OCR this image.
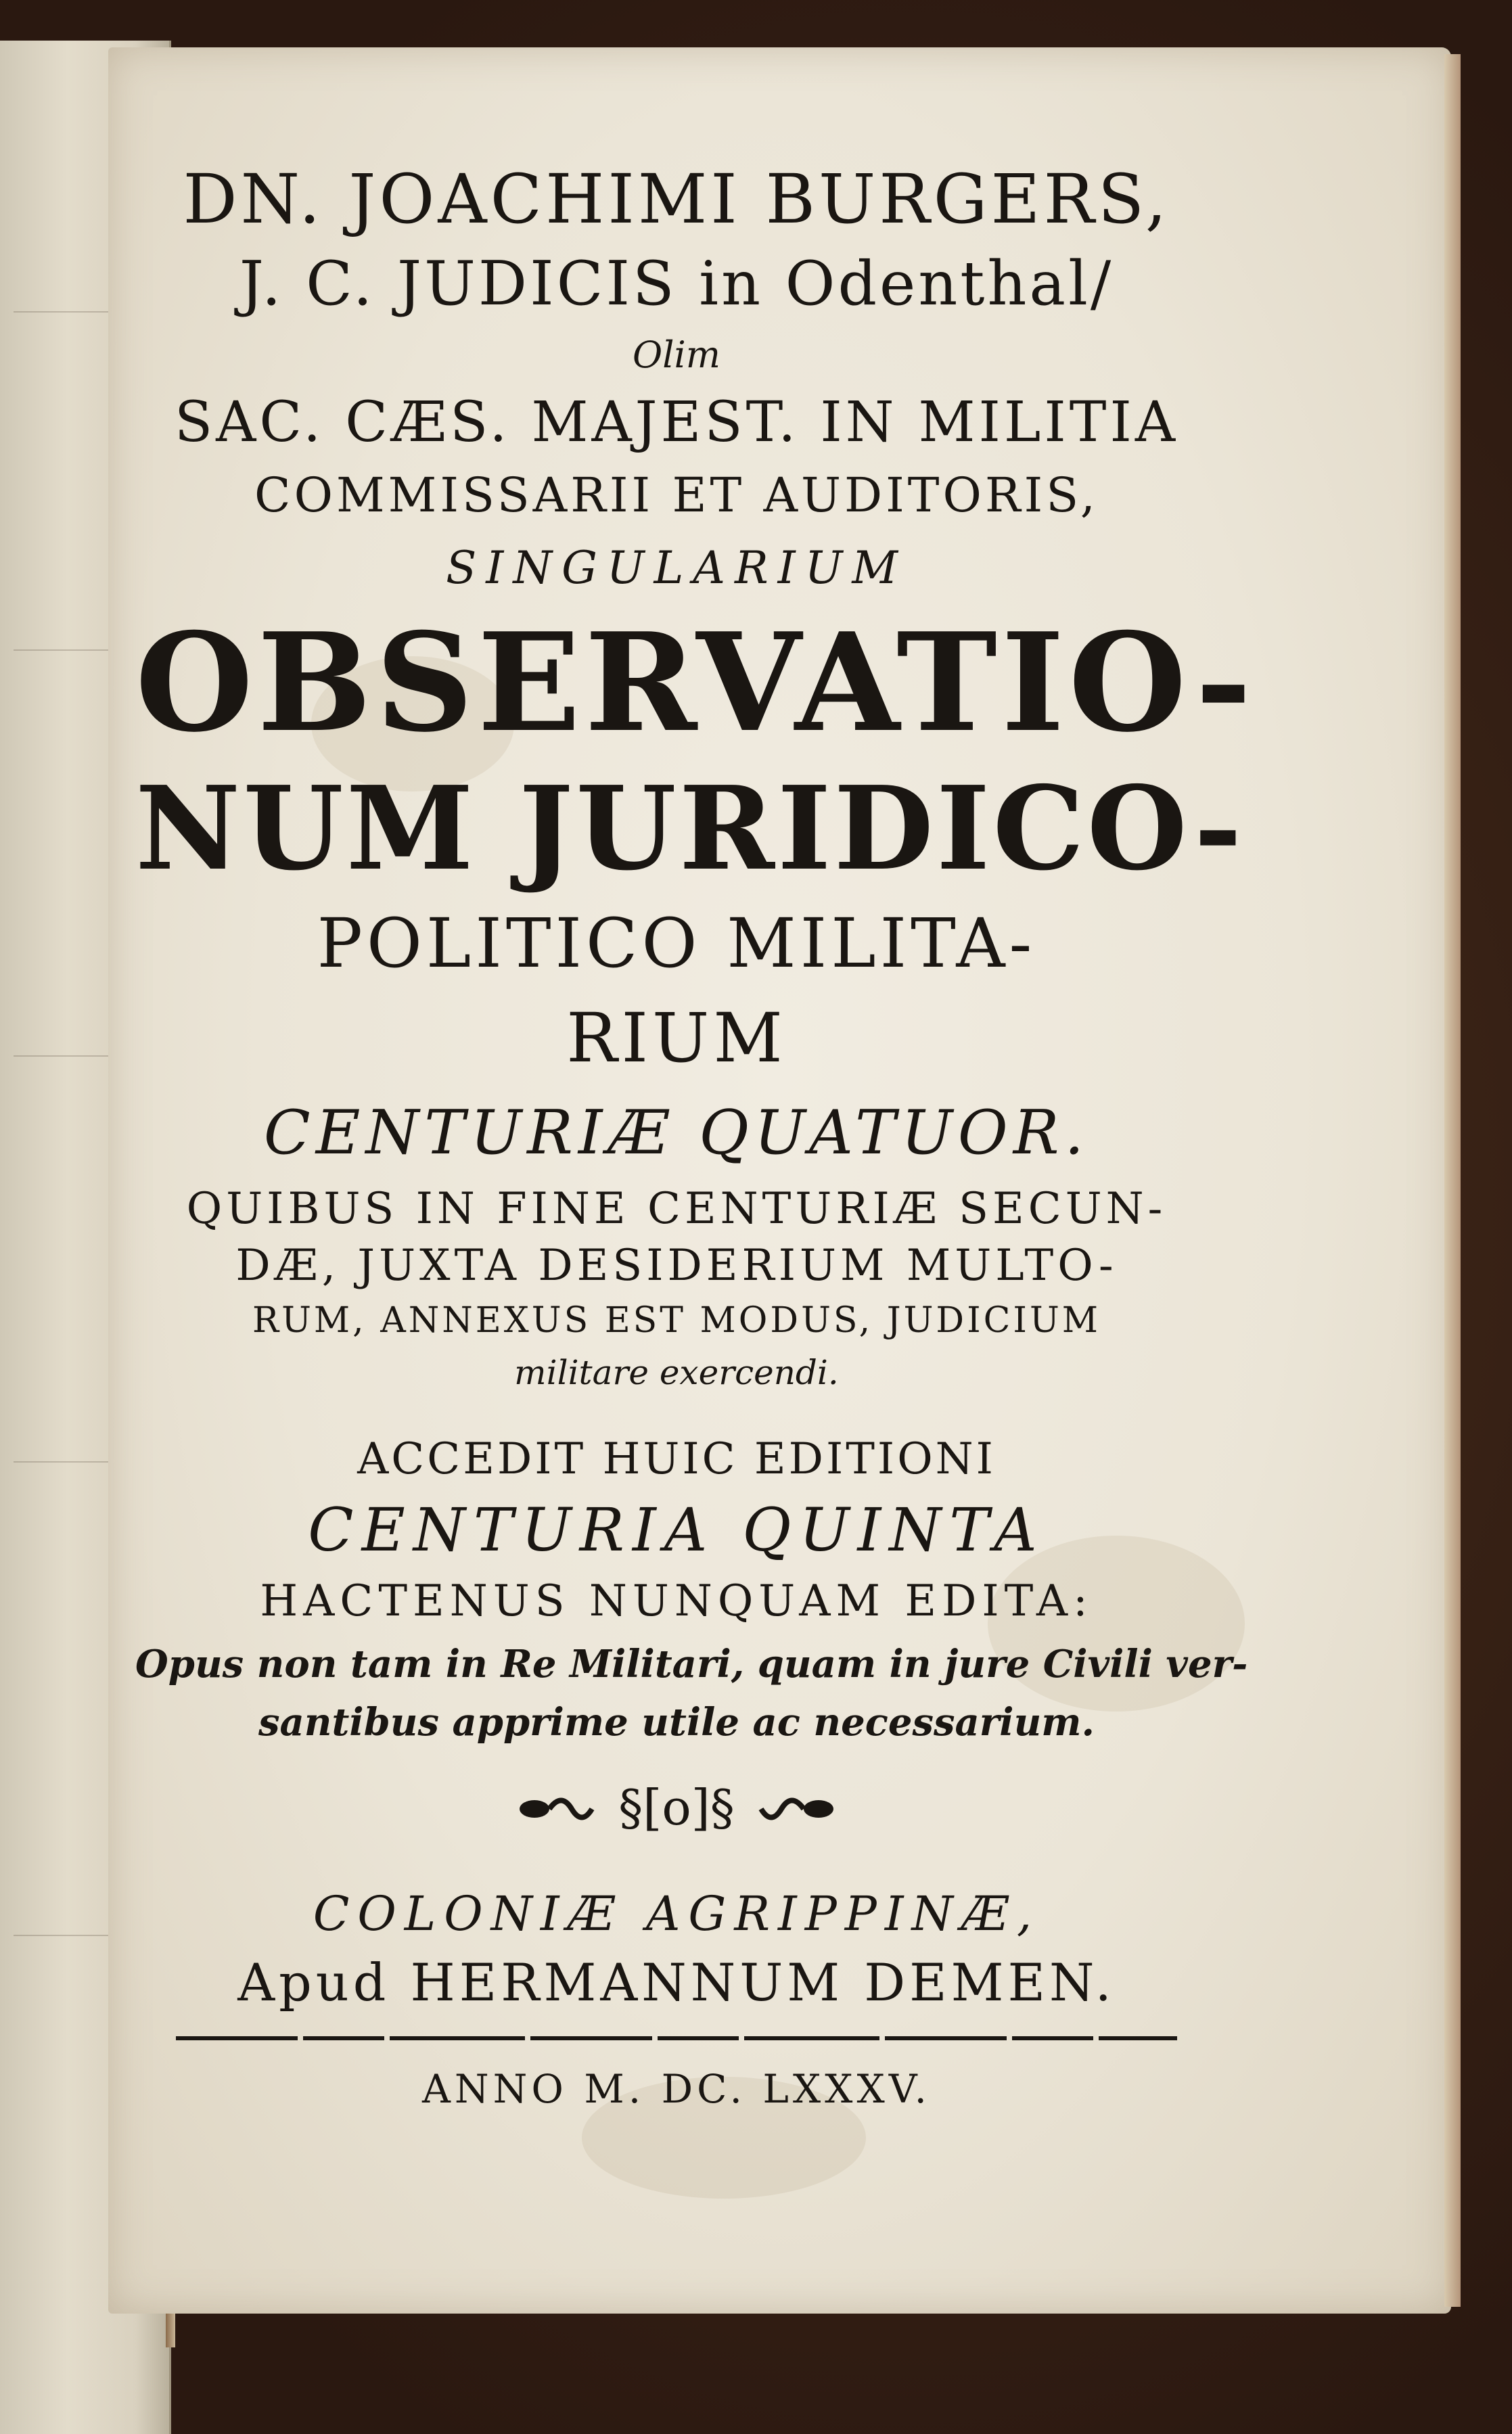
DN. JOACHIMI BURGERS,
J. C. JUDICIS in Odenthal/
Olim
SAC. CÆS. MAJEST. IN MILITIA
COMMISSARII ET AUDITORIS,
SINGULARIUM
OBSERVATIO-
NUM JURIDICO-
POLITICO MILITA-
RIUM
CENTURIÆ QUATUOR.
QUIBUS IN FINE CENTURIÆ SECUN-
DÆ, JUXTA DESIDERIUM MULTO-
RUM, ANNEXUS EST MODUS, JUDICIUM
militare exercendi.
ACCEDIT HUIC EDITIONI
CENTURIA QUINTA
HACTENUS NUNQUAM EDITA:
Opus non tam in Re Militari, quam in jure Civili ver-
santibus apprime utile ac necessarium.
§[o]§
COLONIÆ AGRIPPINÆ,
Apud HERMANNUM DEMEN.
ANNO M. DC. LXXXV.
